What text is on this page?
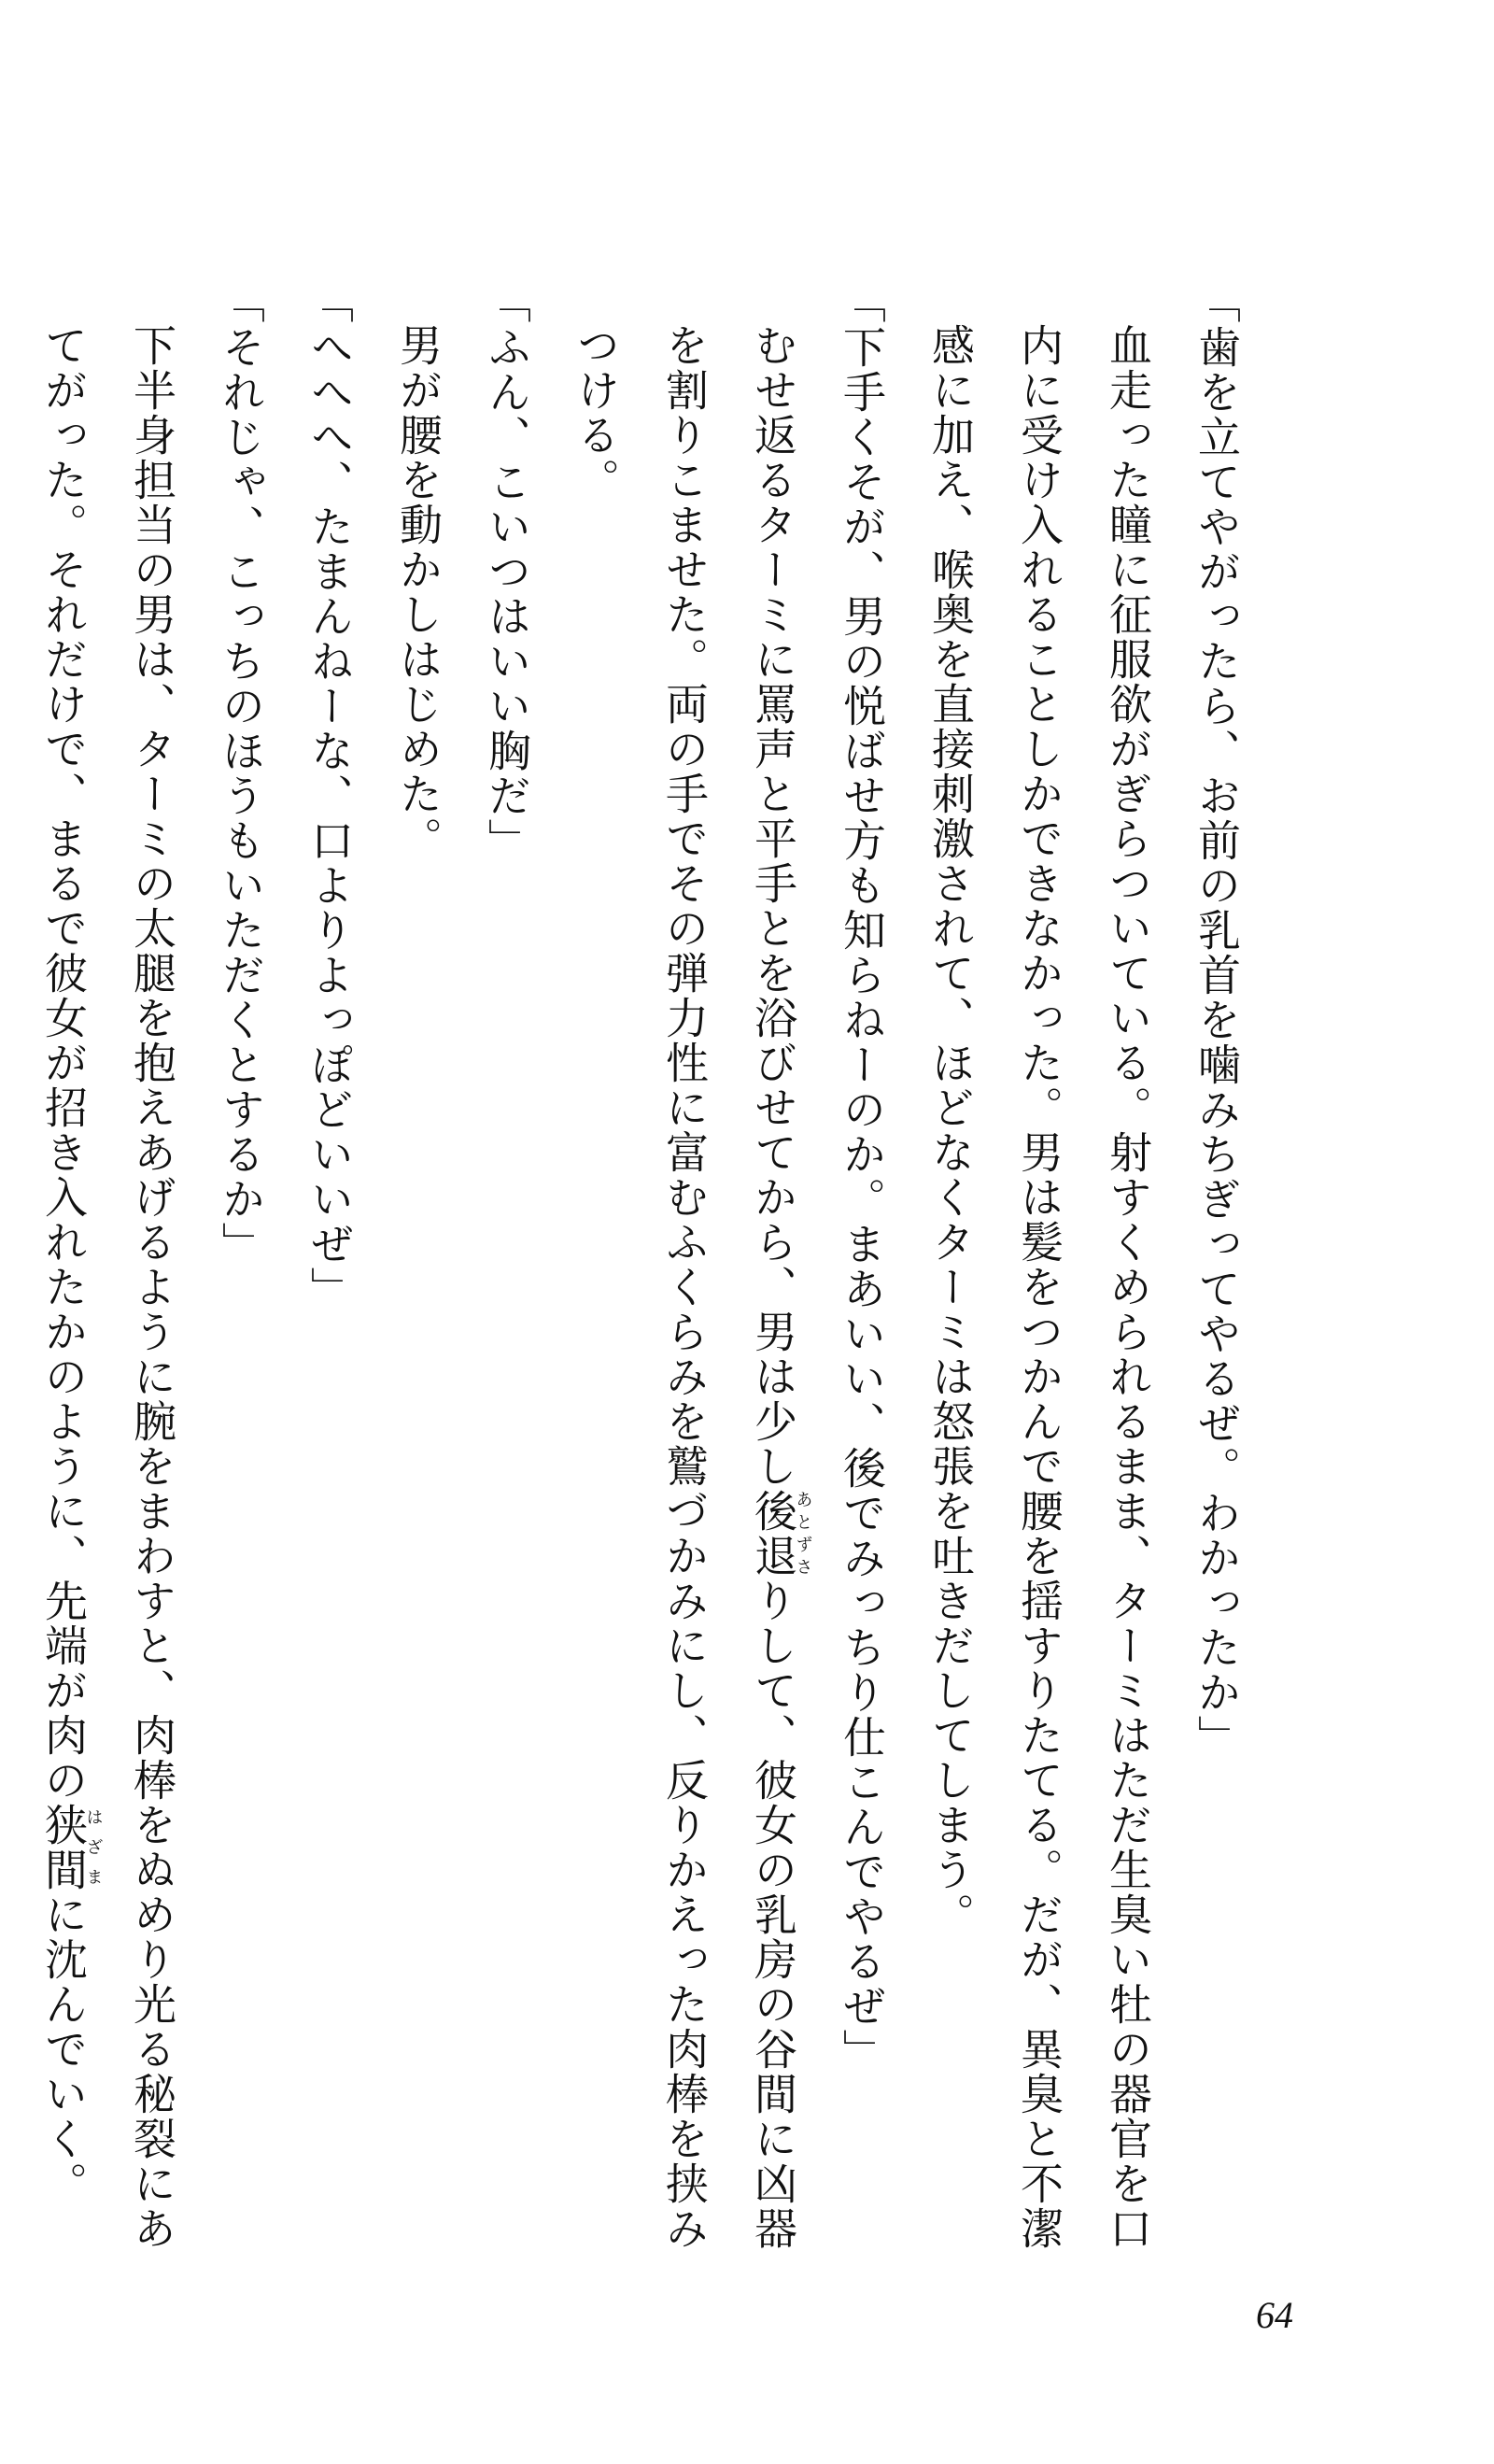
「歯を立てやがったら、お前の乳首を噛みちぎってやるぜ。わかったか」
血走った瞳に征服欲がぎらついている。射すくめられるまま、ターミはただ生臭い牡の器官を口内に受け入れることしかできなかった。男は髪をつかんで腰を揺すりたてる。だが、異臭と不潔感に加え、喉奥を直接刺激されて、ほどなくターミは怒張を吐きだしてしまう。
「下手くそが、男の悦ばせ方も知らねーのか。まあいい、後でみっちり仕こんでやるぜ」
むせ返るターミに罵声と平手とを浴びせてから、男は少し後退あとずさりして、彼女の乳房の谷間に凶器を割りこませた。両の手でその弾力性に富むふくらみを鷲づかみにし、反りかえった肉棒を挟みつける。
「ふん、こいつはいい胸だ」
男が腰を動かしはじめた。
「へへへ、たまんねーな、口よりよっぽどいいぜ」
「それじゃ、こっちのほうもいただくとするか」
下半身担当の男は、ターミの太腿を抱えあげるように腕をまわすと、肉棒をぬめり光る秘裂にあてがった。それだけで、まるで彼女が招き入れたかのように、先端が肉の狭間はざまに沈んでいく。
64
